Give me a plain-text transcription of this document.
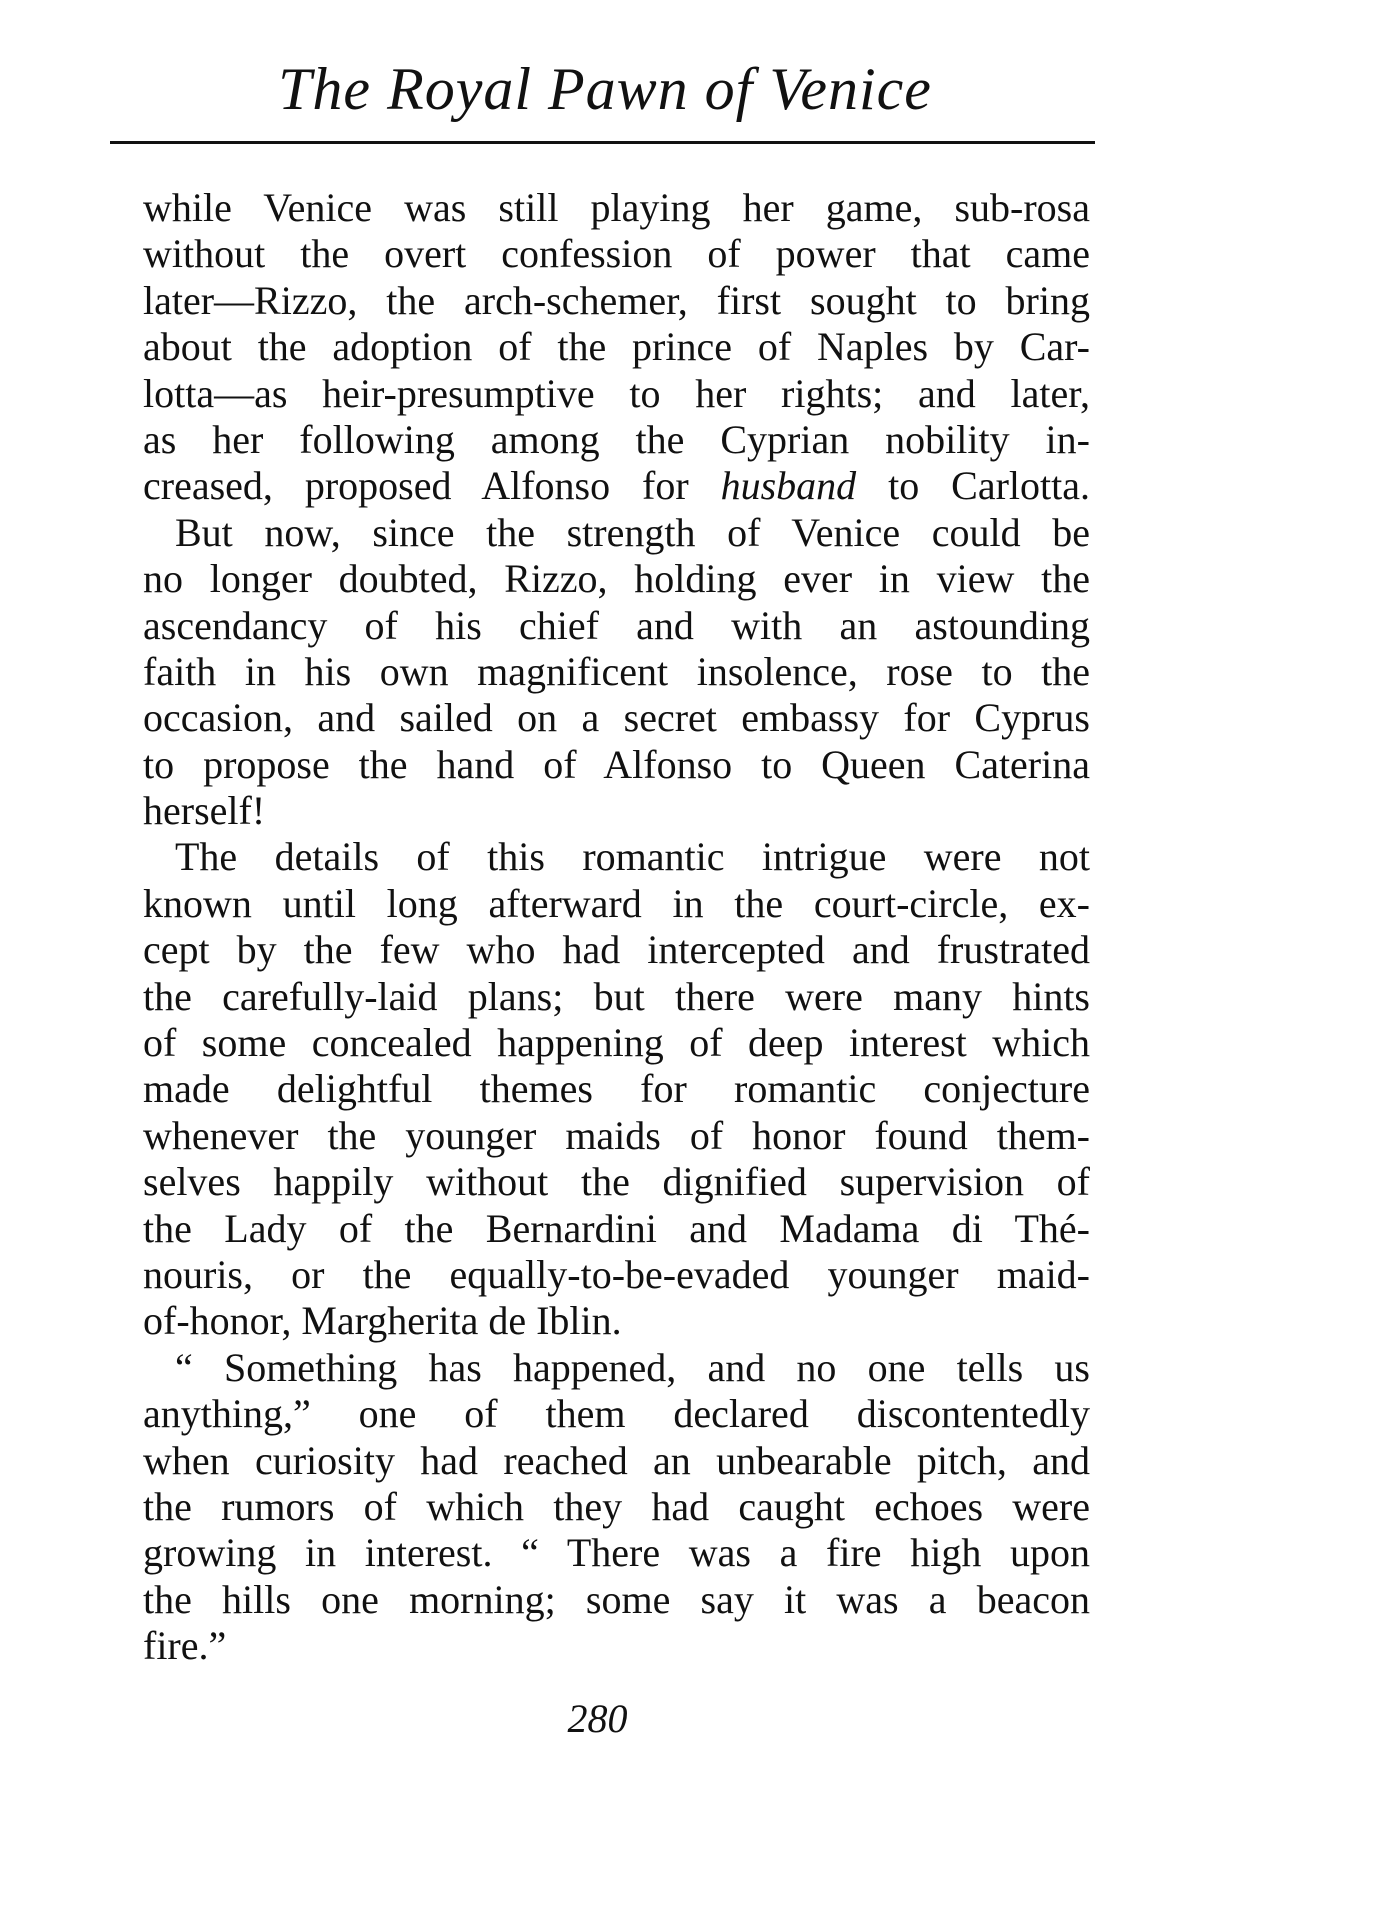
The Royal Pawn of Venice
while Venice was still playing her game, sub-rosa
without the overt confession of power that came
later—Rizzo, the arch-schemer, first sought to bring
about the adoption of the prince of Naples by Car-
lotta—as heir-presumptive to her rights; and later,
as her following among the Cyprian nobility in-
creased, proposed Alfonso for husband to Carlotta.
But now, since the strength of Venice could be
no longer doubted, Rizzo, holding ever in view the
ascendancy of his chief and with an astounding
faith in his own magnificent insolence, rose to the
occasion, and sailed on a secret embassy for Cyprus
to propose the hand of Alfonso to Queen Caterina
herself!
The details of this romantic intrigue were not
known until long afterward in the court-circle, ex-
cept by the few who had intercepted and frustrated
the carefully-laid plans; but there were many hints
of some concealed happening of deep interest which
made delightful themes for romantic conjecture
whenever the younger maids of honor found them-
selves happily without the dignified supervision of
the Lady of the Bernardini and Madama di Thé-
nouris, or the equally-to-be-evaded younger maid-
of-honor, Margherita de Iblin.
“ Something has happened, and no one tells us
anything,” one of them declared discontentedly
when curiosity had reached an unbearable pitch, and
the rumors of which they had caught echoes were
growing in interest. “ There was a fire high upon
the hills one morning; some say it was a beacon
fire.”
280
